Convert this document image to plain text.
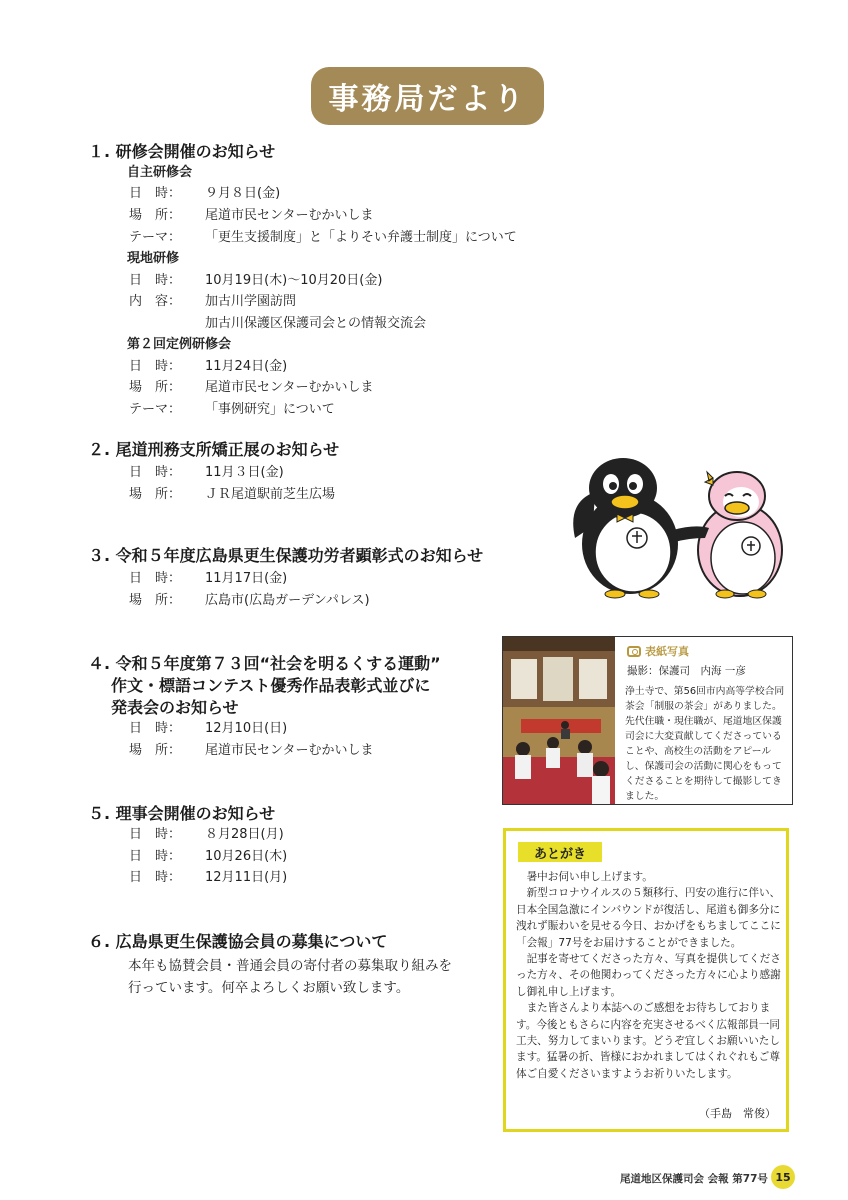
事務局だより
１. 研修会開催のお知らせ
自主研修会
日　時：	９月８日(金)
場　所：	尾道市民センターむかいしま
テーマ：	「更生支援制度」と「よりそい弁護士制度」について
現地研修
日　時：	10月19日(木)～10月20日(金)
内　容：	加古川学園訪問
加古川保護区保護司会との情報交流会
第２回定例研修会
日　時：	11月24日(金)
場　所：	尾道市民センターむかいしま
テーマ：	「事例研究」について
２. 尾道刑務支所矯正展のお知らせ
日　時：	11月３日(金)
場　所：	ＪＲ尾道駅前芝生広場
３. 令和５年度広島県更生保護功労者顕彰式のお知らせ
日　時：	11月17日(金)
場　所：	広島市(広島ガーデンパレス)
４. 令和５年度第７３回“社会を明るくする運動”
作文・標語コンテスト優秀作品表彰式並びに
発表会のお知らせ
日　時：	12月10日(日)
場　所：	尾道市民センターむかいしま
５. 理事会開催のお知らせ
日　時：	８月28日(月)
日　時：	10月26日(木)
日　時：	12月11日(月)
６. 広島県更生保護協会員の募集について
本年も協賛会員・普通会員の寄付者の募集取り組みを
行っています。何卒よろしくお願い致します。
表紙写真
撮影：保護司　内海 一彦
浄土寺で、第56回市内高等学校合同茶会「制服の茶会」がありました。先代住職・現住職が、尾道地区保護司会に大変貢献してくださっていることや、高校生の活動をアピールし、保護司会の活動に関心をもってくださることを期待して撮影してきました。
あとがき

暑中お伺い申し上げます。

新型コロナウイルスの５類移行、円安の進行に伴い、日本全国急激にインバウンドが復活し、尾道も御多分に洩れず賑わいを見せる今日、おかげをもちましてここに「会報」77号をお届けすることができました。

記事を寄せてくださった方々、写真を提供してくださった方々、その他関わってくださった方々に心より感謝し御礼申し上げます。

また皆さんより本誌へのご感想をお待ちしております。今後ともさらに内容を充実させるべく広報部員一同工夫、努力してまいります。どうぞ宜しくお願いいたします。猛暑の折、皆様におかれましてはくれぐれもご尊体ご自愛くださいますようお祈りいたします。

（手島　常俊）
尾道地区保護司会 会報 第77号 15
